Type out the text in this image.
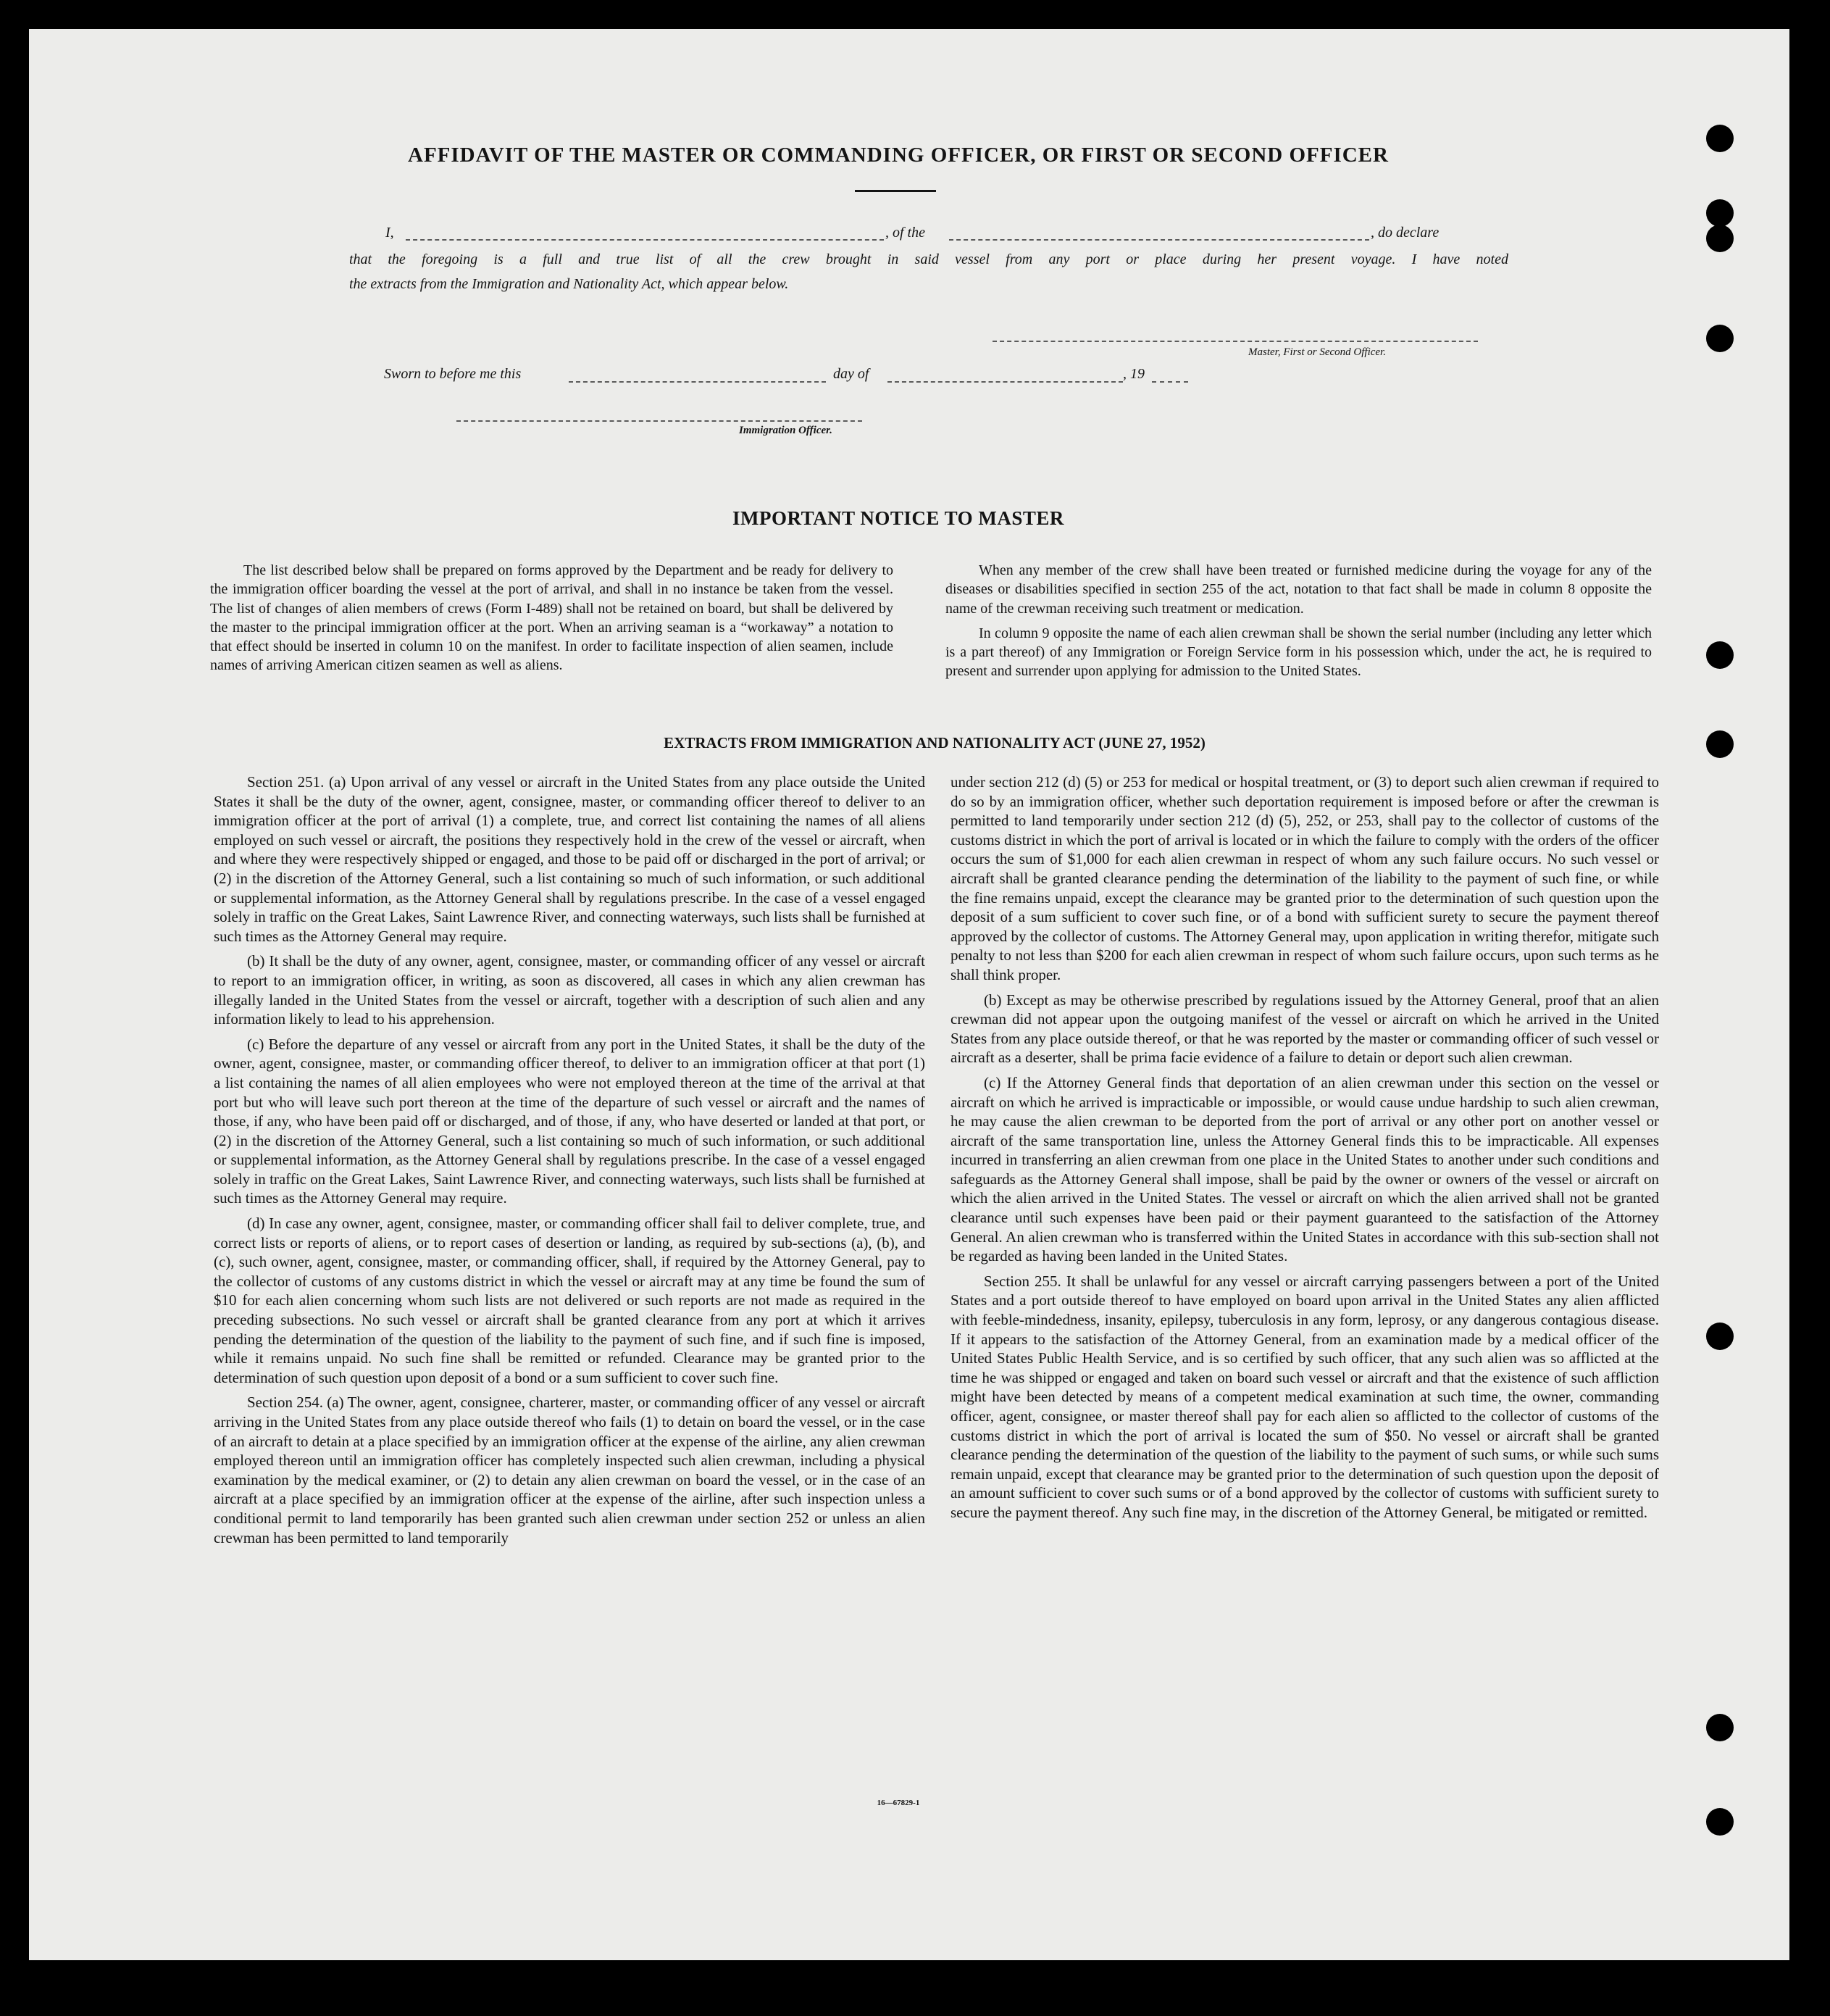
AFFIDAVIT OF THE MASTER OR COMMANDING OFFICER, OR FIRST OR SECOND OFFICER
I,	, of the	, do declare
that the foregoing is a full and true list of all the crew brought in said vessel from any port or place during her present voyage. I have noted
the extracts from the Immigration and Nationality Act, which appear below.
Master, First or Second Officer.
Sworn to before me this	day of	, 19
Immigration Officer.
IMPORTANT NOTICE TO MASTER

The list described below shall be prepared on forms approved by the Department and be ready for delivery to the immigration officer boarding the vessel at the port of arrival, and shall in no instance be taken from the vessel. The list of changes of alien members of crews (Form I-489) shall not be retained on board, but shall be delivered by the master to the principal immigration officer at the port. When an arriving seaman is a “workaway” a notation to that effect should be inserted in column 10 on the manifest. In order to facilitate inspection of alien seamen, include names of arriving American citizen seamen as well as aliens.

When any member of the crew shall have been treated or furnished medicine during the voyage for any of the diseases or disabilities specified in section 255 of the act, notation to that fact shall be made in column 8 opposite the name of the crewman receiving such treatment or medication.

In column 9 opposite the name of each alien crewman shall be shown the serial number (including any letter which is a part thereof) of any Immigration or Foreign Service form in his possession which, under the act, he is required to present and surrender upon applying for admission to the United States.

EXTRACTS FROM IMMIGRATION AND NATIONALITY ACT (JUNE 27, 1952)

Section 251. (a) Upon arrival of any vessel or aircraft in the United States from any place outside the United States it shall be the duty of the owner, agent, consignee, master, or commanding officer thereof to deliver to an immigration officer at the port of arrival (1) a complete, true, and correct list containing the names of all aliens employed on such vessel or aircraft, the positions they respectively hold in the crew of the vessel or aircraft, when and where they were respectively shipped or engaged, and those to be paid off or discharged in the port of arrival; or (2) in the discretion of the Attorney General, such a list containing so much of such information, or such additional or supplemental information, as the Attorney General shall by regulations prescribe. In the case of a vessel engaged solely in traffic on the Great Lakes, Saint Lawrence River, and connecting waterways, such lists shall be furnished at such times as the Attorney General may require.

(b) It shall be the duty of any owner, agent, consignee, master, or commanding officer of any vessel or aircraft to report to an immigration officer, in writing, as soon as discovered, all cases in which any alien crewman has illegally landed in the United States from the vessel or aircraft, together with a description of such alien and any information likely to lead to his apprehension.

(c) Before the departure of any vessel or aircraft from any port in the United States, it shall be the duty of the owner, agent, consignee, master, or commanding officer thereof, to deliver to an immigration officer at that port (1) a list containing the names of all alien employees who were not employed thereon at the time of the arrival at that port but who will leave such port thereon at the time of the departure of such vessel or aircraft and the names of those, if any, who have been paid off or discharged, and of those, if any, who have deserted or landed at that port, or (2) in the discretion of the Attorney General, such a list containing so much of such information, or such additional or supplemental information, as the Attorney General shall by regulations prescribe. In the case of a vessel engaged solely in traffic on the Great Lakes, Saint Lawrence River, and connecting waterways, such lists shall be furnished at such times as the Attorney General may require.

(d) In case any owner, agent, consignee, master, or commanding officer shall fail to deliver complete, true, and correct lists or reports of aliens, or to report cases of desertion or landing, as required by sub-sections (a), (b), and (c), such owner, agent, consignee, master, or commanding officer, shall, if required by the Attorney General, pay to the collector of customs of any customs district in which the vessel or aircraft may at any time be found the sum of $10 for each alien concerning whom such lists are not delivered or such reports are not made as required in the preceding subsections. No such vessel or aircraft shall be granted clearance from any port at which it arrives pending the determination of the question of the liability to the payment of such fine, and if such fine is imposed, while it remains unpaid. No such fine shall be remitted or refunded. Clearance may be granted prior to the determination of such question upon deposit of a bond or a sum sufficient to cover such fine.

Section 254. (a) The owner, agent, consignee, charterer, master, or commanding officer of any vessel or aircraft arriving in the United States from any place outside thereof who fails (1) to detain on board the vessel, or in the case of an aircraft to detain at a place specified by an immigration officer at the expense of the airline, any alien crewman employed thereon until an immigration officer has completely inspected such alien crewman, including a physical examination by the medical examiner, or (2) to detain any alien crewman on board the vessel, or in the case of an aircraft at a place specified by an immigration officer at the expense of the airline, after such inspection unless a conditional permit to land temporarily has been granted such alien crewman under section 252 or unless an alien crewman has been permitted to land temporarily

under section 212 (d) (5) or 253 for medical or hospital treatment, or (3) to deport such alien crewman if required to do so by an immigration officer, whether such deportation requirement is imposed before or after the crewman is permitted to land temporarily under section 212 (d) (5), 252, or 253, shall pay to the collector of customs of the customs district in which the port of arrival is located or in which the failure to comply with the orders of the officer occurs the sum of $1,000 for each alien crewman in respect of whom any such failure occurs. No such vessel or aircraft shall be granted clearance pending the determination of the liability to the payment of such fine, or while the fine remains unpaid, except the clearance may be granted prior to the determination of such question upon the deposit of a sum sufficient to cover such fine, or of a bond with sufficient surety to secure the payment thereof approved by the collector of customs. The Attorney General may, upon application in writing therefor, mitigate such penalty to not less than $200 for each alien crewman in respect of whom such failure occurs, upon such terms as he shall think proper.

(b) Except as may be otherwise prescribed by regulations issued by the Attorney General, proof that an alien crewman did not appear upon the outgoing manifest of the vessel or aircraft on which he arrived in the United States from any place outside thereof, or that he was reported by the master or commanding officer of such vessel or aircraft as a deserter, shall be prima facie evidence of a failure to detain or deport such alien crewman.

(c) If the Attorney General finds that deportation of an alien crewman under this section on the vessel or aircraft on which he arrived is impracticable or impossible, or would cause undue hardship to such alien crewman, he may cause the alien crewman to be deported from the port of arrival or any other port on another vessel or aircraft of the same transportation line, unless the Attorney General finds this to be impracticable. All expenses incurred in transferring an alien crewman from one place in the United States to another under such conditions and safeguards as the Attorney General shall impose, shall be paid by the owner or owners of the vessel or aircraft on which the alien arrived in the United States. The vessel or aircraft on which the alien arrived shall not be granted clearance until such expenses have been paid or their payment guaranteed to the satisfaction of the Attorney General. An alien crewman who is transferred within the United States in accordance with this sub-section shall not be regarded as having been landed in the United States.

Section 255. It shall be unlawful for any vessel or aircraft carrying passengers between a port of the United States and a port outside thereof to have employed on board upon arrival in the United States any alien afflicted with feeble-mindedness, insanity, epilepsy, tuberculosis in any form, leprosy, or any dangerous contagious disease. If it appears to the satisfaction of the Attorney General, from an examination made by a medical officer of the United States Public Health Service, and is so certified by such officer, that any such alien was so afflicted at the time he was shipped or engaged and taken on board such vessel or aircraft and that the existence of such affliction might have been detected by means of a competent medical examination at such time, the owner, commanding officer, agent, consignee, or master thereof shall pay for each alien so afflicted to the collector of customs of the customs district in which the port of arrival is located the sum of $50. No vessel or aircraft shall be granted clearance pending the determination of the question of the liability to the payment of such sums, or while such sums remain unpaid, except that clearance may be granted prior to the determination of such question upon the deposit of an amount sufficient to cover such sums or of a bond approved by the collector of customs with sufficient surety to secure the payment thereof. Any such fine may, in the discretion of the Attorney General, be mitigated or remitted.

16—67829-1
